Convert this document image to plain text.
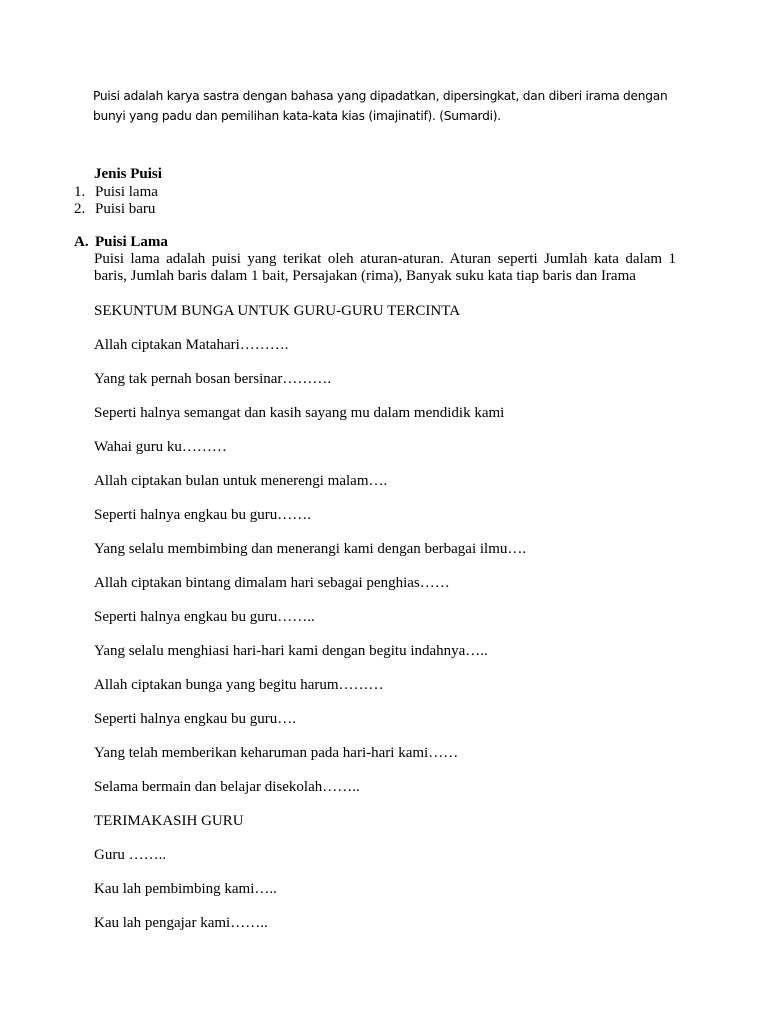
Puisi adalah karya sastra dengan bahasa yang dipadatkan, dipersingkat, dan diberi irama dengan
bunyi yang padu dan pemilihan kata-kata kias (imajinatif). (Sumardi).
Jenis Puisi
1. Puisi lama
2. Puisi baru
A. Puisi Lama
Puisi lama adalah puisi yang terikat oleh aturan-aturan. Aturan seperti Jumlah kata dalam 1
baris, Jumlah baris dalam 1 bait, Persajakan (rima), Banyak suku kata tiap baris dan Irama
SEKUNTUM BUNGA UNTUK GURU-GURU TERCINTA
Allah ciptakan Matahari……….
Yang tak pernah bosan bersinar……….
Seperti halnya semangat dan kasih sayang mu dalam mendidik kami
Wahai guru ku………
Allah ciptakan bulan untuk menerengi malam….
Seperti halnya engkau bu guru…….
Yang selalu membimbing dan menerangi kami dengan berbagai ilmu….
Allah ciptakan bintang dimalam hari sebagai penghias……
Seperti halnya engkau bu guru……..
Yang selalu menghiasi hari-hari kami dengan begitu indahnya…..
Allah ciptakan bunga yang begitu harum………
Seperti halnya engkau bu guru….
Yang telah memberikan keharuman pada hari-hari kami……
Selama bermain dan belajar disekolah……..
TERIMAKASIH GURU
Guru ……..
Kau lah pembimbing kami…..
Kau lah pengajar kami……..
